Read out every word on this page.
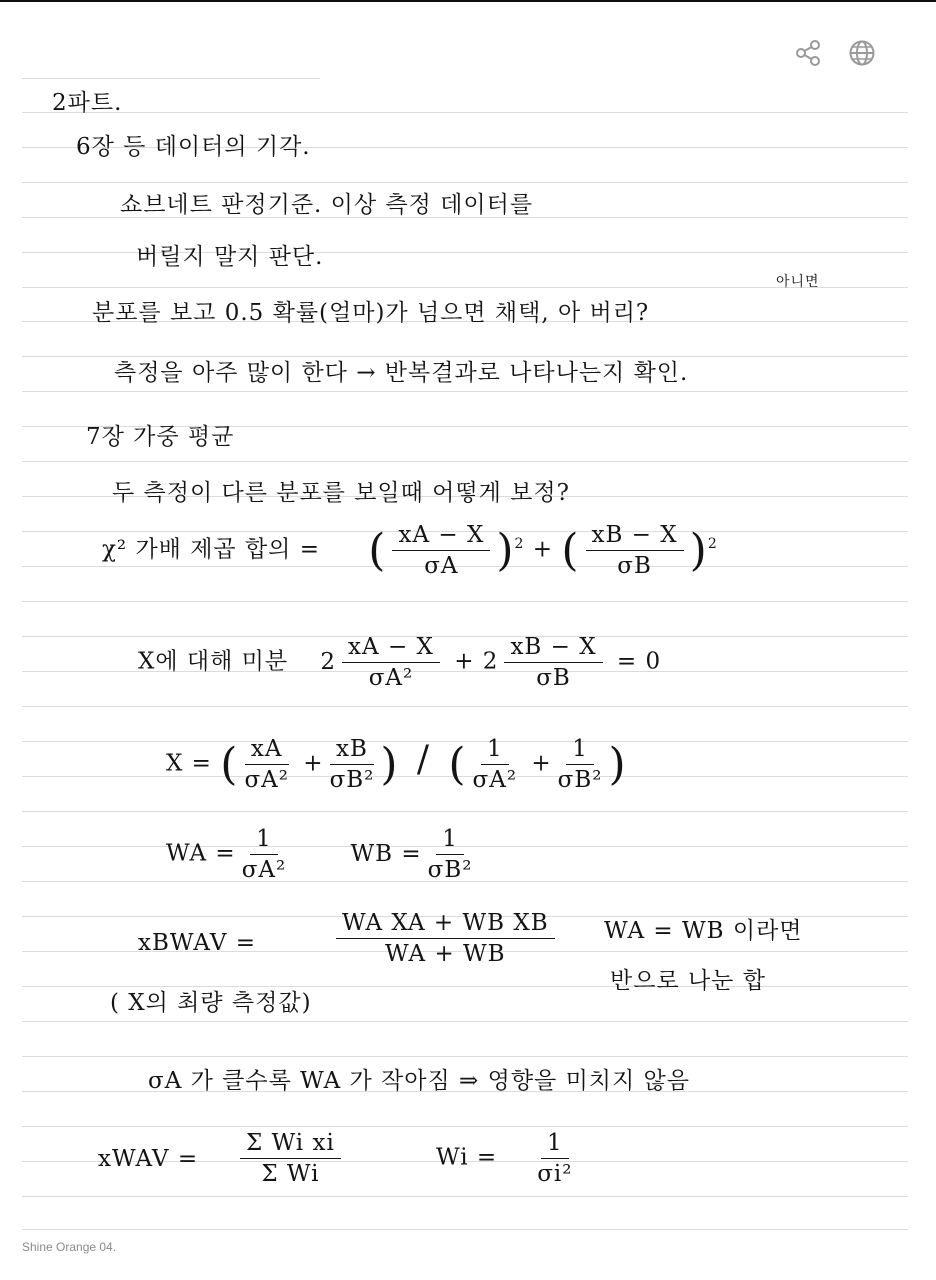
2파트.
6장 등 데이터의 기각.
쇼브네트 판정기준. 이상 측정 데이터를
버릴지 말지 판단.
아니면
분포를 보고 0.5 확률(얼마)가 넘으면 채택, 아 버리?
측정을 아주 많이 한다 → 반복결과로 나타나는지 확인.
7장 가중 평균
두 측정이 다른 분포를 보일때 어떻게 보정?
χ² 가배 제곱 합의 = ( $\frac{xA - X}{\sigma A} )^2$ + ( $\frac{xB - X}{\sigma B} )^2$
X에 대해 미분 $2 \frac{xA - X}{\text{σA²}} + 2 \frac{xB - X}{\sigma B} = 0$
X = ( $\frac{xA}{\text{σA²}} + \frac{xB}{\text{σB²}}$ ) / ( $\frac{1}{\text{σA²}} + \frac{1}{\text{σB²}}$ )
WA = $\frac{1}{\text{σA²}}$	WB = $\frac{1}{\text{σB²}}$
xBWAV =	$\frac{\text{WA XA + WB XB}}{WA + WB}$ WA = WB 이라면
( X의 최량 측정값)
반으로 나눈 합
σA 가 클수록 WA 가 작아짐 ⇒ 영향을 미치지 않음
xWAV = $\frac{\text{Σ Wi xi}}{\text{Σ Wi}}$	$Wi = \frac{1}{\text{σi²}}$
Shine Orange 04.
